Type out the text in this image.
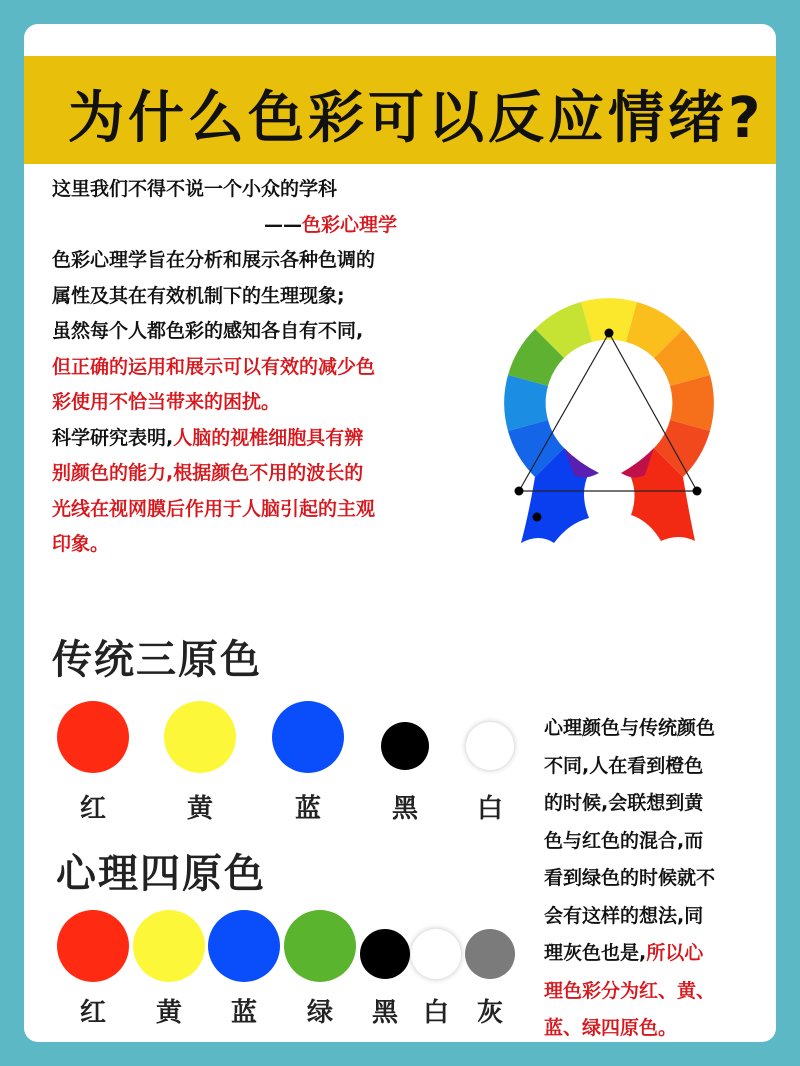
为什么色彩可以反应情绪?

这里我们不得不说一个小众的学科

——色彩心理学

色彩心理学旨在分析和展示各种色调的

属性及其在有效机制下的生理现象;

虽然每个人都色彩的感知各自有不同,

但正确的运用和展示可以有效的减少色

彩使用不恰当带来的困扰。

科学研究表明,人脑的视椎细胞具有辨

别颜色的能力,根据颜色不用的波长的

光线在视网膜后作用于人脑引起的主观

印象。

传统三原色
红	黄	蓝	黑	白
心理四原色
红	黄	蓝	绿	黑 白	灰

心理颜色与传统颜色

不同,人在看到橙色

的时候,会联想到黄

色与红色的混合,而

看到绿色的时候就不

会有这样的想法,同

理灰色也是,所以心

理色彩分为红、黄、

蓝、绿四原色。
